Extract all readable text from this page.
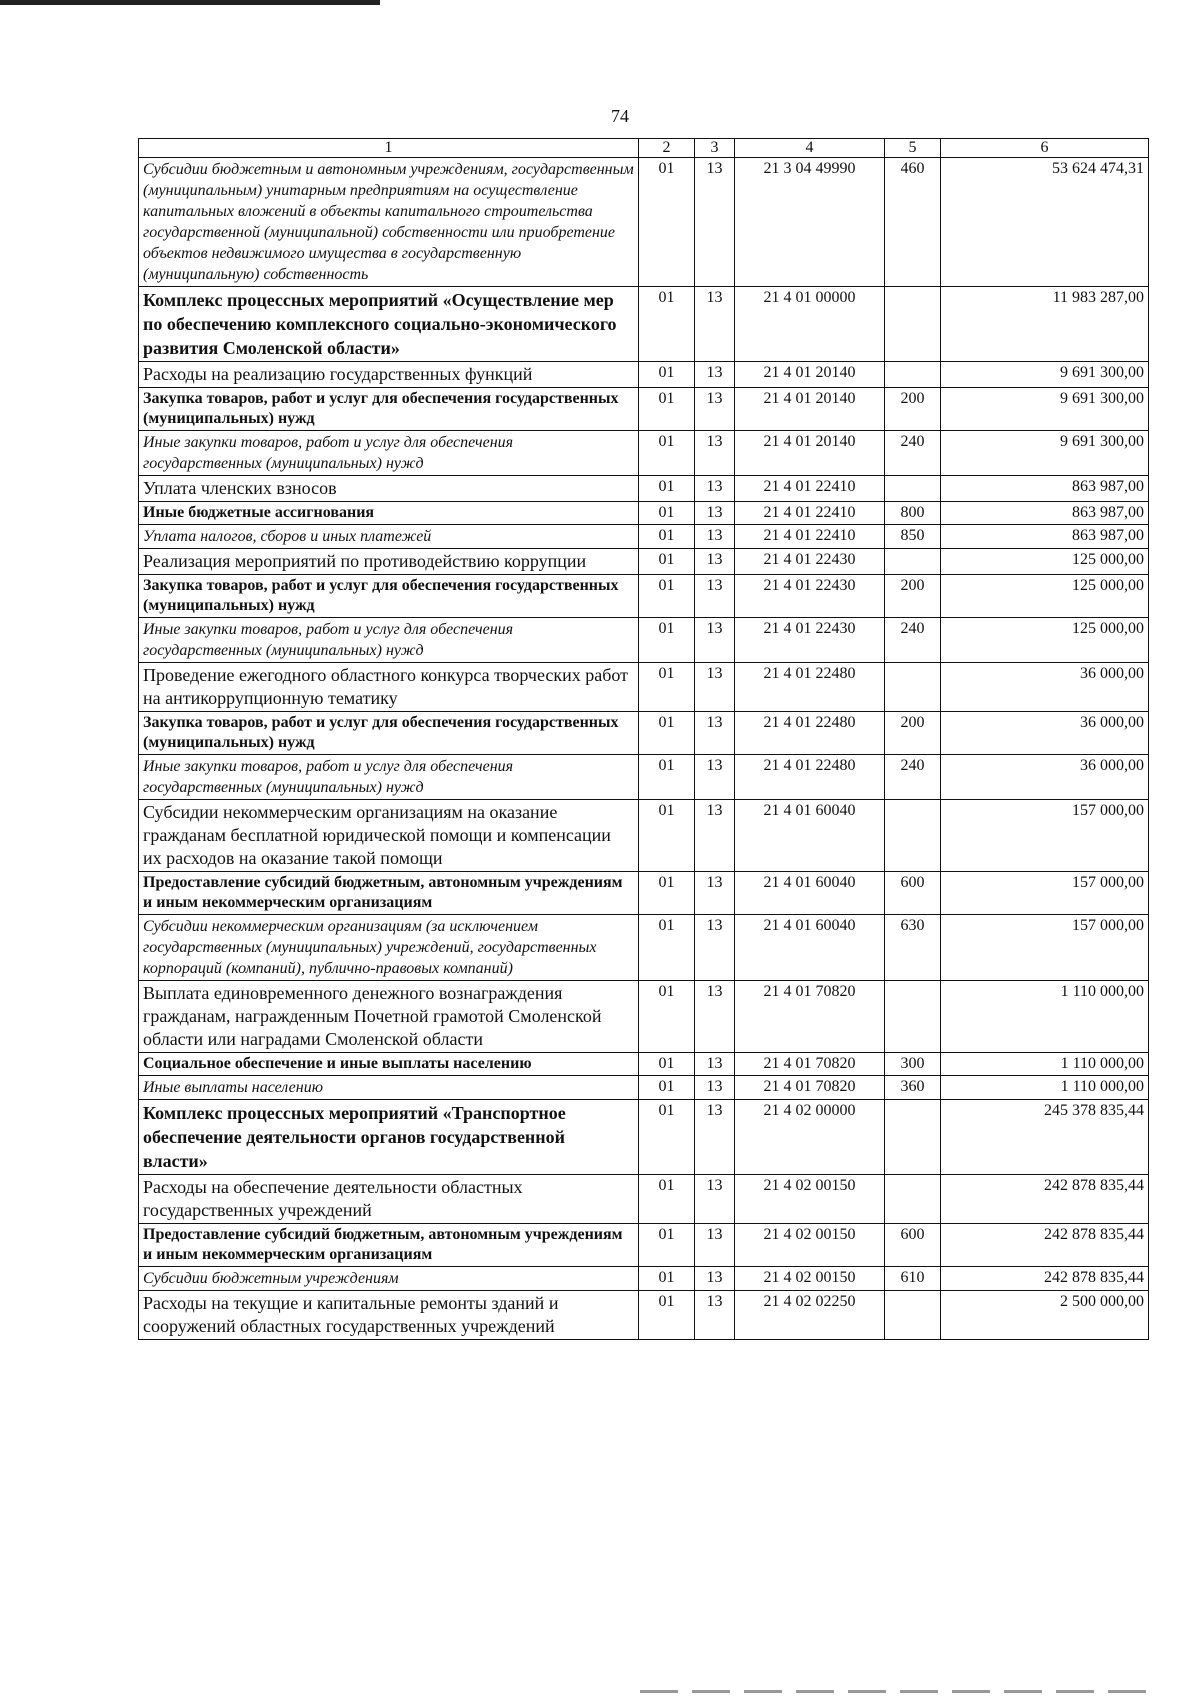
74
1	2	3	4	5	6
Субсидии бюджетным и автономным учреждениям, государственным (муниципальным) унитарным предприятиям на осуществление капитальных вложений в объекты капитального строительства государственной (муниципальной) собственности или приобретение объектов недвижимого имущества в государственную (муниципальную) собственность	01	13	21 3 04 49990	460	53 624 474,31
Комплекс процессных мероприятий «Осуществление мер по обеспечению комплексного социально-экономического развития Смоленской области»	01	13	21 4 01 00000		11 983 287,00
Расходы на реализацию государственных функций	01	13	21 4 01 20140		9 691 300,00
Закупка товаров, работ и услуг для обеспечения государственных (муниципальных) нужд	01	13	21 4 01 20140	200	9 691 300,00
Иные закупки товаров, работ и услуг для обеспечения государственных (муниципальных) нужд	01	13	21 4 01 20140	240	9 691 300,00
Уплата членских взносов	01	13	21 4 01 22410		863 987,00
Иные бюджетные ассигнования	01	13	21 4 01 22410	800	863 987,00
Уплата налогов, сборов и иных платежей	01	13	21 4 01 22410	850	863 987,00
Реализация мероприятий по противодействию коррупции	01	13	21 4 01 22430		125 000,00
Закупка товаров, работ и услуг для обеспечения государственных (муниципальных) нужд	01	13	21 4 01 22430	200	125 000,00
Иные закупки товаров, работ и услуг для обеспечения государственных (муниципальных) нужд	01	13	21 4 01 22430	240	125 000,00
Проведение ежегодного областного конкурса творческих работ на антикоррупционную тематику	01	13	21 4 01 22480		36 000,00
Закупка товаров, работ и услуг для обеспечения государственных (муниципальных) нужд	01	13	21 4 01 22480	200	36 000,00
Иные закупки товаров, работ и услуг для обеспечения государственных (муниципальных) нужд	01	13	21 4 01 22480	240	36 000,00
Субсидии некоммерческим организациям на оказание гражданам бесплатной юридической помощи и компенсации их расходов на оказание такой помощи	01	13	21 4 01 60040		157 000,00
Предоставление субсидий бюджетным, автономным учреждениям и иным некоммерческим организациям	01	13	21 4 01 60040	600	157 000,00
Субсидии некоммерческим организациям (за исключением государственных (муниципальных) учреждений, государственных корпораций (компаний), публично-правовых компаний)	01	13	21 4 01 60040	630	157 000,00
Выплата единовременного денежного вознаграждения гражданам, награжденным Почетной грамотой Смоленской области или наградами Смоленской области	01	13	21 4 01 70820		1 110 000,00
Социальное обеспечение и иные выплаты населению	01	13	21 4 01 70820	300	1 110 000,00
Иные выплаты населению	01	13	21 4 01 70820	360	1 110 000,00
Комплекс процессных мероприятий «Транспортное обеспечение деятельности органов государственной власти»	01	13	21 4 02 00000		245 378 835,44
Расходы на обеспечение деятельности областных государственных учреждений	01	13	21 4 02 00150		242 878 835,44
Предоставление субсидий бюджетным, автономным учреждениям и иным некоммерческим организациям	01	13	21 4 02 00150	600	242 878 835,44
Субсидии бюджетным учреждениям	01	13	21 4 02 00150	610	242 878 835,44
Расходы на текущие и капитальные ремонты зданий и сооружений областных государственных учреждений	01	13	21 4 02 02250		2 500 000,00
